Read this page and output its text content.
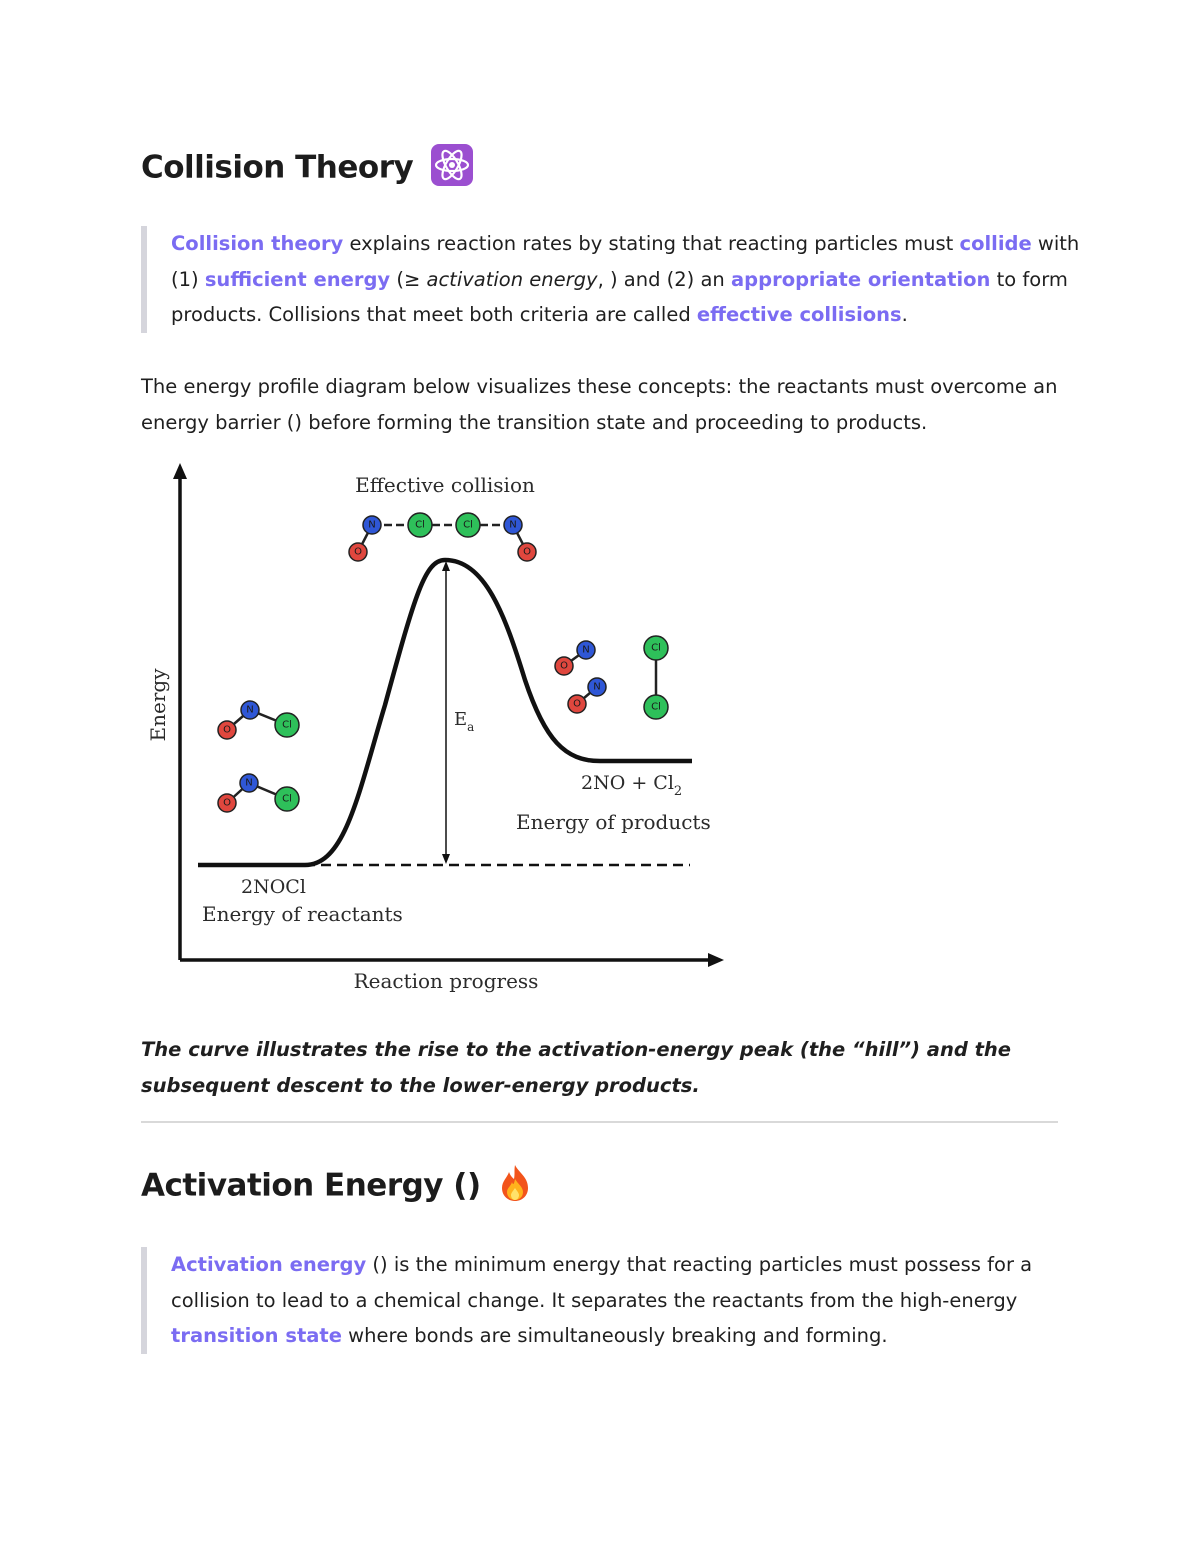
Collision Theory
Collision theory explains reaction rates by stating that reacting particles must collide with (1) sufficient energy (≥ activation energy, ) and (2) an appropriate orientation to form products. Collisions that meet both criteria are called effective collisions.
The energy profile diagram below visualizes these concepts: the reactants must overcome an energy barrier () before forming the transition state and proceeding to products.
Energy
Reaction progress
Effective collision
$E_a$
$2NO + Cl_2$
Energy of products
2NOCl
Energy of reactants
O
N	Cl	Cl	N
O
O
N
Cl
O
N
Cl
O
N
O
N
Cl
Cl
The curve illustrates the rise to the activation-energy peak (the “hill”) and the subsequent descent to the lower-energy products.
Activation Energy ()
Activation energy () is the minimum energy that reacting particles must possess for a collision to lead to a chemical change. It separates the reactants from the high-energy transition state where bonds are simultaneously breaking and forming.
